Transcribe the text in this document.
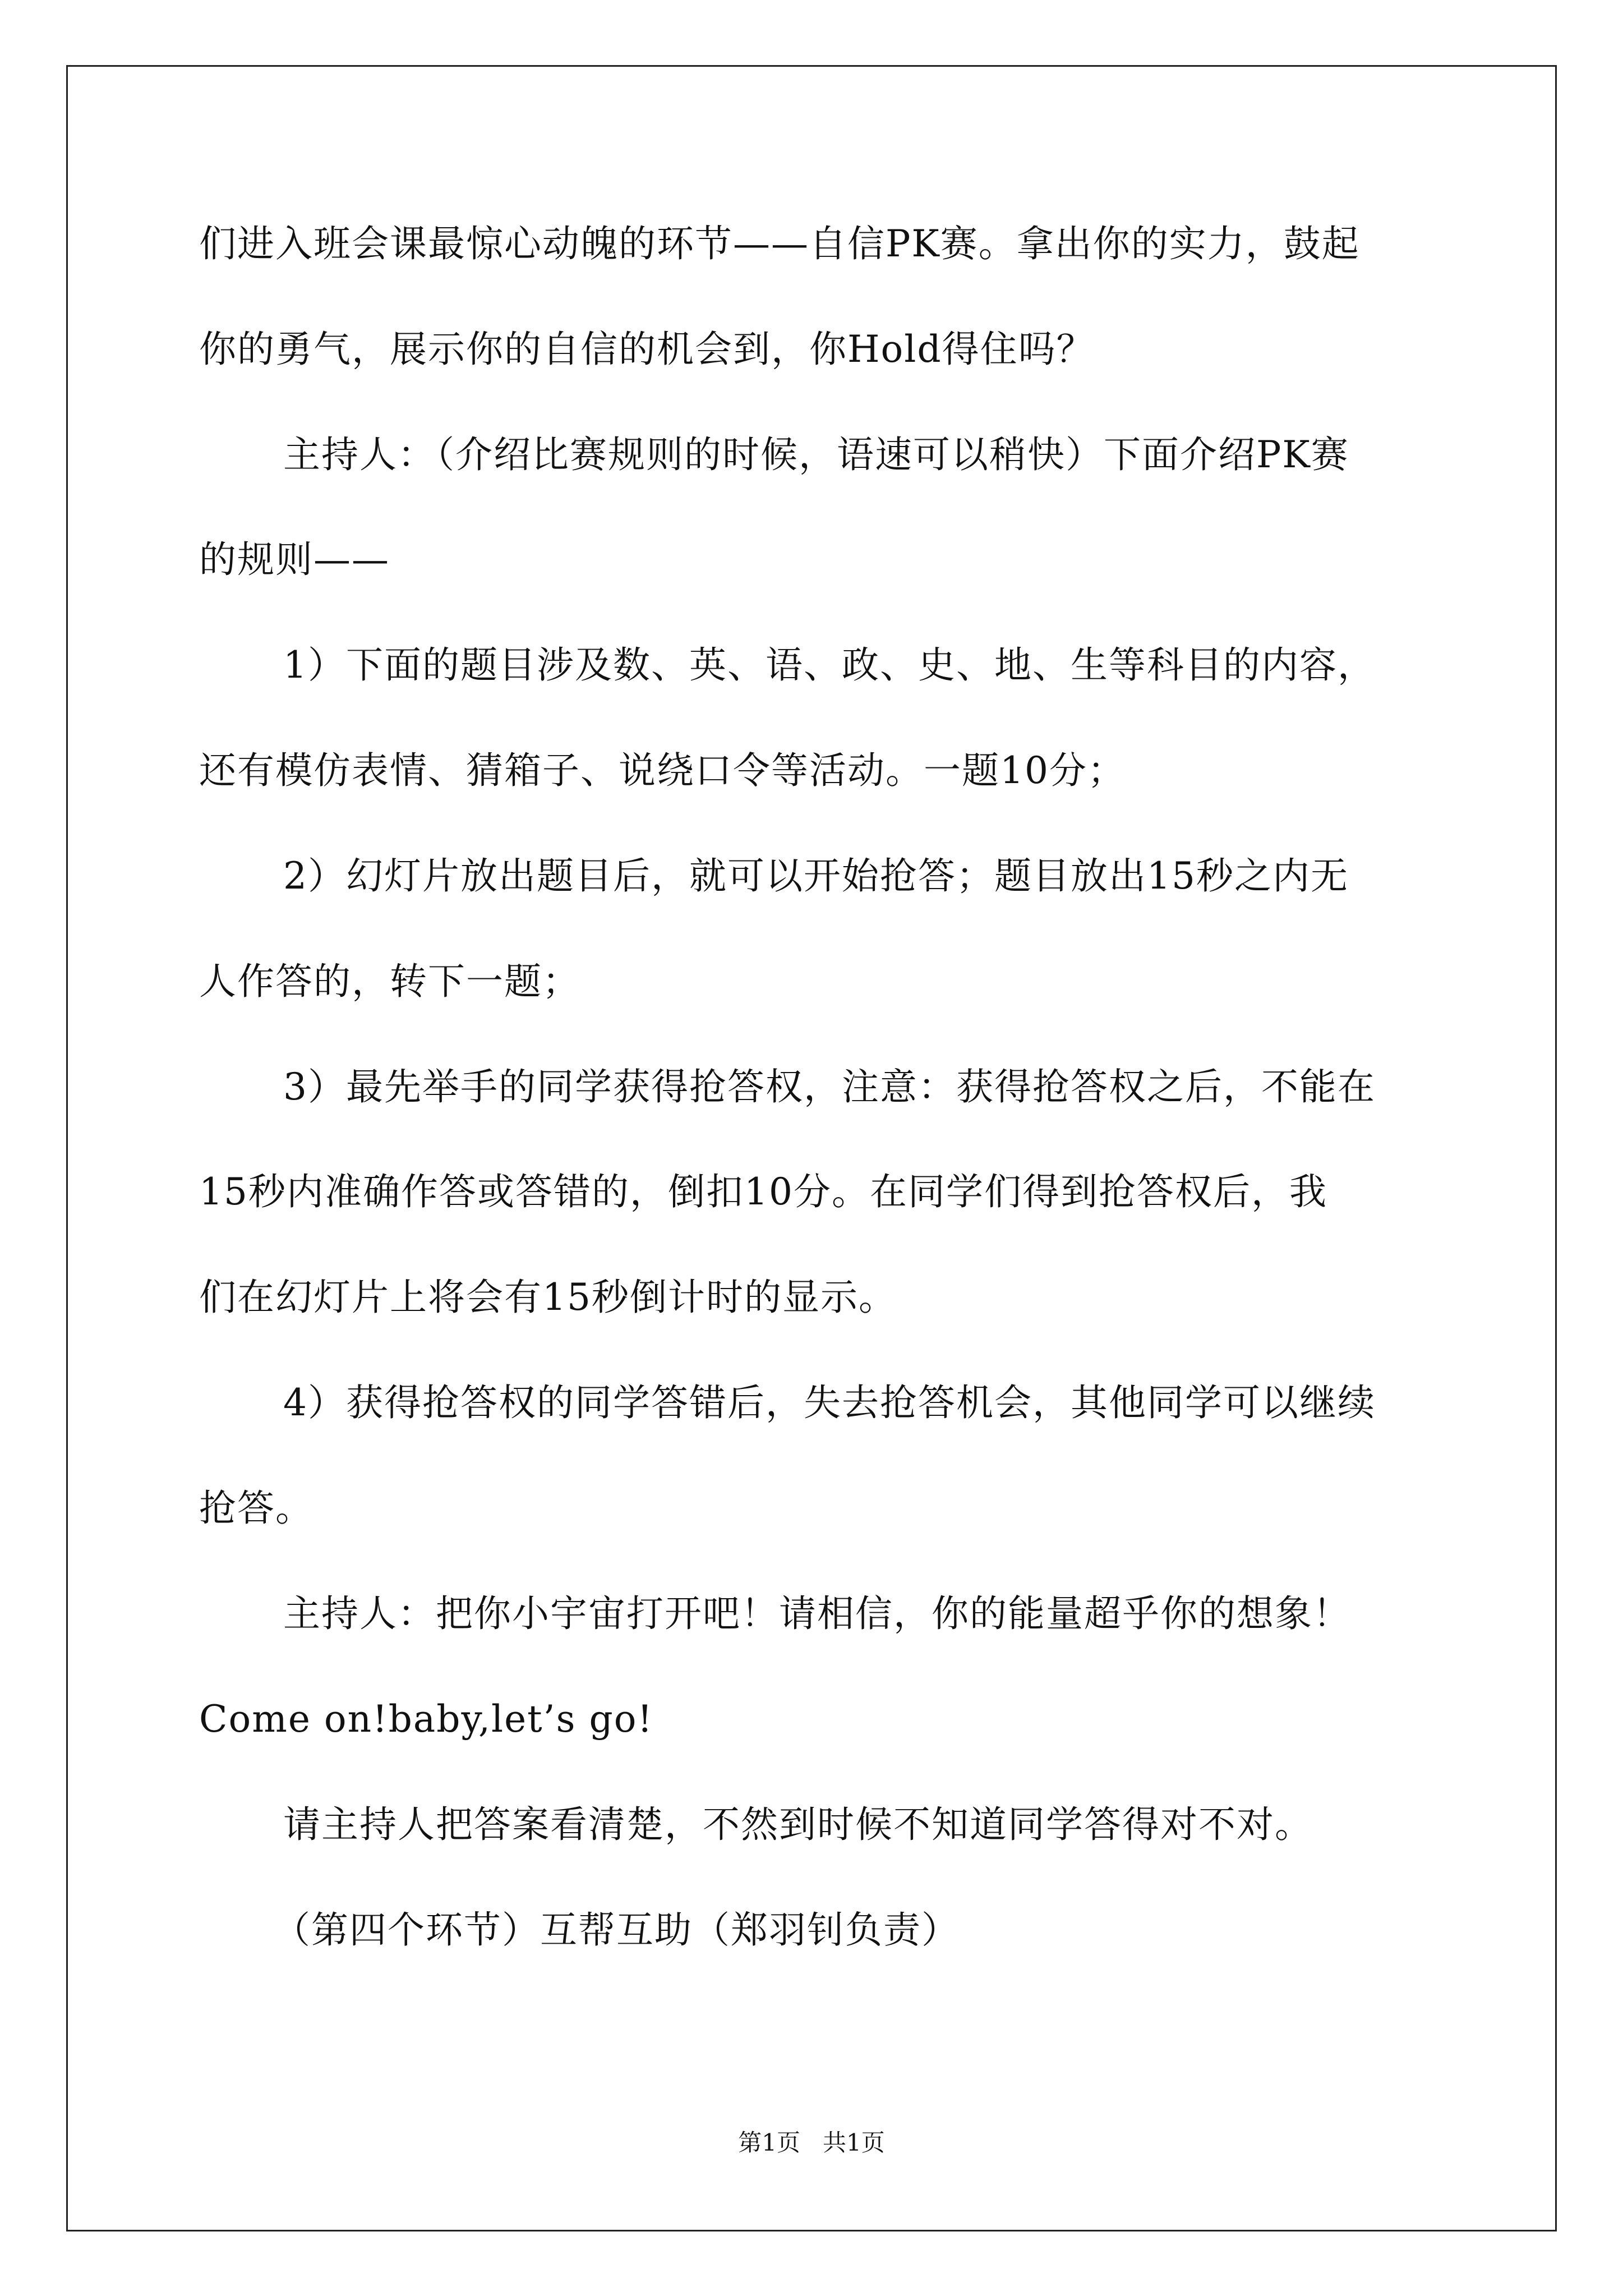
们进入班会课最惊心动魄的环节——自信PK赛。拿出你的实力，鼓起
你的勇气，展示你的自信的机会到，你Hold得住吗？
主持人：（介绍比赛规则的时候，语速可以稍快）下面介绍PK赛
的规则——
1）下面的题目涉及数、英、语、政、史、地、生等科目的内容，
还有模仿表情、猜箱子、说绕口令等活动。一题10分；
2）幻灯片放出题目后，就可以开始抢答；题目放出15秒之内无
人作答的，转下一题；
3）最先举手的同学获得抢答权，注意：获得抢答权之后，不能在
15秒内准确作答或答错的，倒扣10分。在同学们得到抢答权后，我
们在幻灯片上将会有15秒倒计时的显示。
4）获得抢答权的同学答错后，失去抢答机会，其他同学可以继续
抢答。
主持人：把你小宇宙打开吧！请相信，你的能量超乎你的想象！
Come on!baby,let’s go!
请主持人把答案看清楚，不然到时候不知道同学答得对不对。
（第四个环节）互帮互助（郑羽钊负责）
第1页   共1页
